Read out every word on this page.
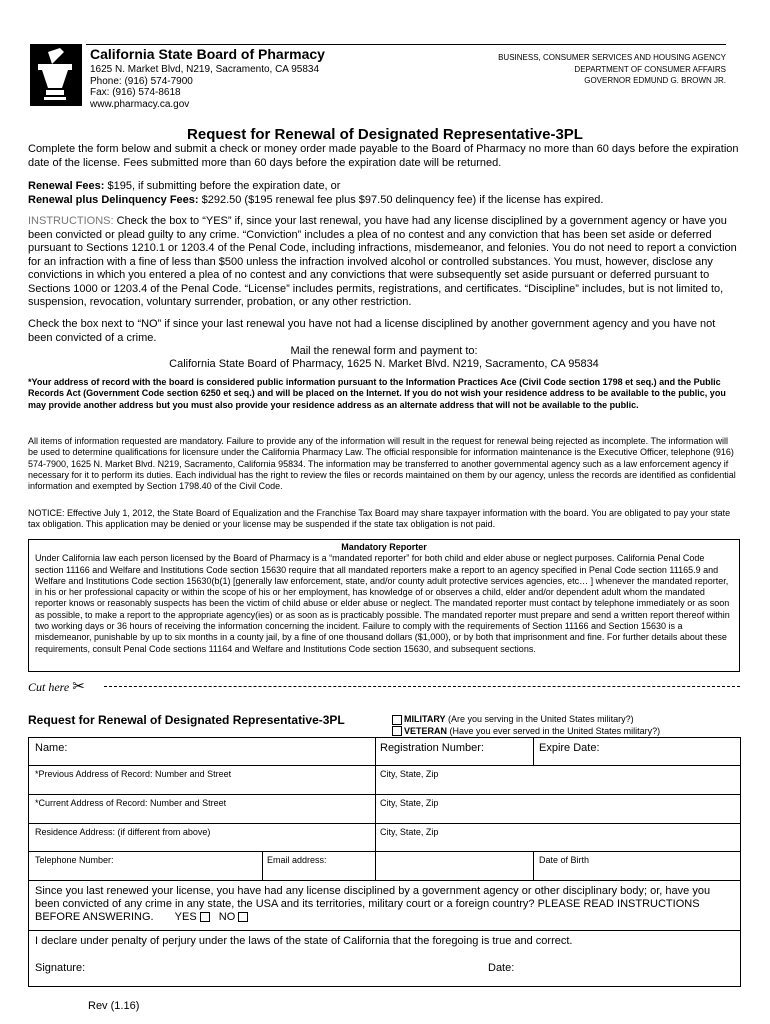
California State Board of Pharmacy
1625 N. Market Blvd, N219, Sacramento, CA 95834
Phone: (916) 574-7900
Fax: (916) 574-8618
www.pharmacy.ca.gov
BUSINESS, CONSUMER SERVICES AND HOUSING AGENCY
DEPARTMENT OF CONSUMER AFFAIRS
GOVERNOR EDMUND G. BROWN JR.
Request for Renewal of Designated Representative-3PL
Complete the form below and submit a check or money order made payable to the Board of Pharmacy no more than 60 days before the expiration date of the license. Fees submitted more than 60 days before the expiration date will be returned.
Renewal Fees: $195, if submitting before the expiration date, or
Renewal plus Delinquency Fees: $292.50 ($195 renewal fee plus $97.50 delinquency fee) if the license has expired.
INSTRUCTIONS: Check the box to “YES” if, since your last renewal, you have had any license disciplined by a government agency or have you been convicted or plead guilty to any crime. “Conviction” includes a plea of no contest and any conviction that has been set aside or deferred pursuant to Sections 1210.1 or 1203.4 of the Penal Code, including infractions, misdemeanor, and felonies. You do not need to report a conviction for an infraction with a fine of less than $500 unless the infraction involved alcohol or controlled substances. You must, however, disclose any convictions in which you entered a plea of no contest and any convictions that were subsequently set aside pursuant or deferred pursuant to Sections 1000 or 1203.4 of the Penal Code. “License” includes permits, registrations, and certificates. “Discipline” includes, but is not limited to, suspension, revocation, voluntary surrender, probation, or any other restriction.
Check the box next to “NO” if since your last renewal you have not had a license disciplined by another government agency and you have not been convicted of a crime.
Mail the renewal form and payment to:
California State Board of Pharmacy, 1625 N. Market Blvd. N219, Sacramento, CA 95834
*Your address of record with the board is considered public information pursuant to the Information Practices Ace (Civil Code section 1798 et seq.) and the Public Records Act (Government Code section 6250 et seq.) and will be placed on the Internet. If you do not wish your residence address to be available to the public, you may provide another address but you must also provide your residence address as an alternate address that will not be available to the public.
All items of information requested are mandatory. Failure to provide any of the information will result in the request for renewal being rejected as incomplete. The information will be used to determine qualifications for licensure under the California Pharmacy Law. The official responsible for information maintenance is the Executive Officer, telephone (916) 574-7900, 1625 N. Market Blvd. N219, Sacramento, California 95834. The information may be transferred to another governmental agency such as a law enforcement agency if necessary for it to perform its duties. Each individual has the right to review the files or records maintained on them by our agency, unless the records are identified as confidential information and exempted by Section 1798.40 of the Civil Code.
NOTICE: Effective July 1, 2012, the State Board of Equalization and the Franchise Tax Board may share taxpayer information with the board. You are obligated to pay your state tax obligation. This application may be denied or your license may be suspended if the state tax obligation is not paid.
Mandatory Reporter
Under California law each person licensed by the Board of Pharmacy is a “mandated reporter” for both child and elder abuse or neglect purposes. California Penal Code section 11166 and Welfare and Institutions Code section 15630 require that all mandated reporters make a report to an agency specified in Penal Code section 11165.9 and Welfare and Institutions Code section 15630(b(1) [generally law enforcement, state, and/or county adult protective services agencies, etc… ] whenever the mandated reporter, in his or her professional capacity or within the scope of his or her employment, has knowledge of or observes a child, elder and/or dependent adult whom the mandated reporter knows or reasonably suspects has been the victim of child abuse or elder abuse or neglect. The mandated reporter must contact by telephone immediately or as soon as possible, to make a report to the appropriate agency(ies) or as soon as is practicably possible. The mandated reporter must prepare and send a written report thereof within two working days or 36 hours of receiving the information concerning the incident. Failure to comply with the requirements of Section 11166 and Section 15630 is a misdemeanor, punishable by up to six months in a county jail, by a fine of one thousand dollars ($1,000), or by both that imprisonment and fine. For further details about these requirements, consult Penal Code sections 11164 and Welfare and Institutions Code section 15630, and subsequent sections.
Cut here ✂
Request for Renewal of Designated Representative-3PL	MILITARY (Are you serving in the United States military?)
VETERAN (Have you ever served in the United States military?)
Name:	Registration Number:	Expire Date:
*Previous Address of Record: Number and Street	City, State, Zip
*Current Address of Record: Number and Street	City, State, Zip
Residence Address: (if different from above)	City, State, Zip
Telephone Number:	Email address:	Date of Birth
Since you last renewed your license, you have had any license disciplined by a government agency or other disciplinary body; or, have you been convicted of any crime in any state, the USA and its territories, military court or a foreign country? PLEASE READ INSTRUCTIONS BEFORE ANSWERING. YES NO
I declare under penalty of perjury under the laws of the state of California that the foregoing is true and correct.
Signature:	Date:
Rev (1.16)
